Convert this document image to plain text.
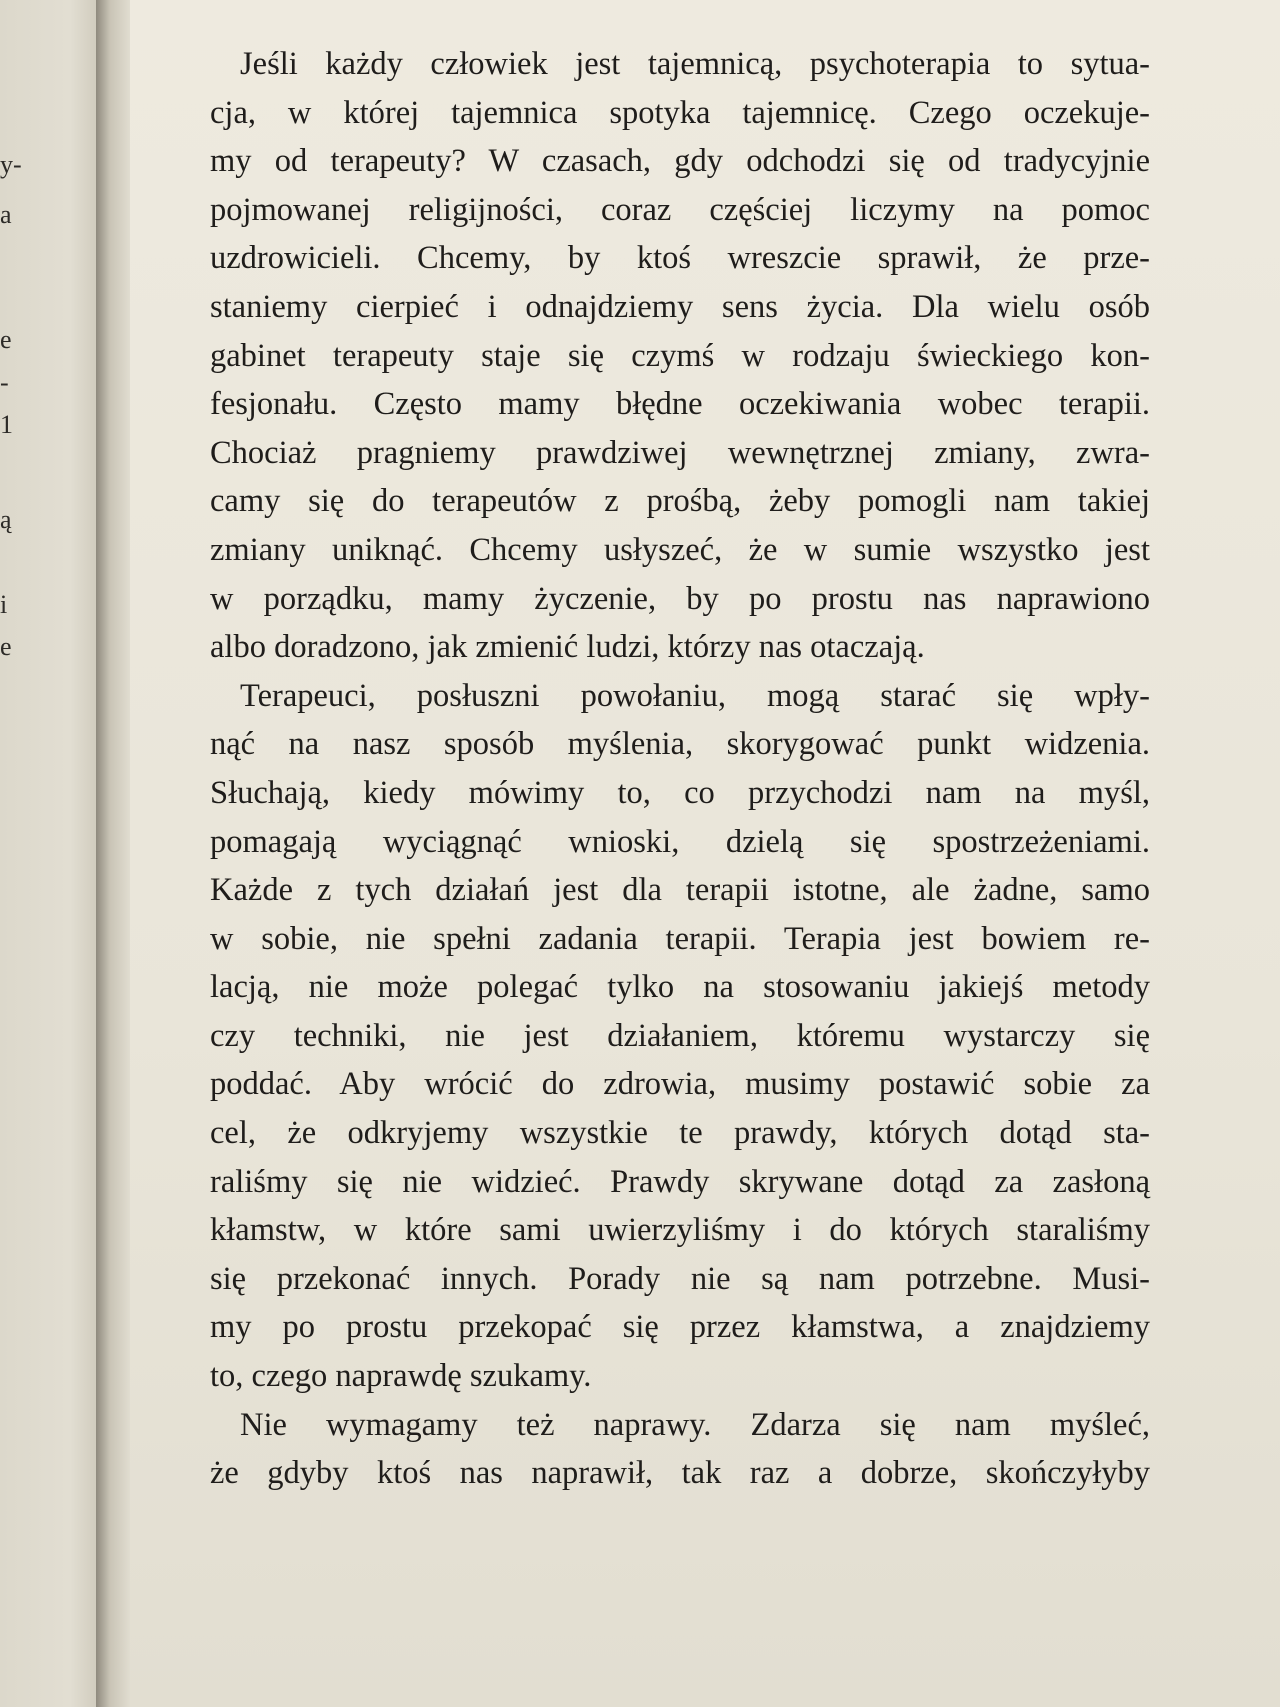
y-
a
e
-
1
ą
i
e
Jeśli każdy człowiek jest tajemnicą, psychoterapia to sytua-
cja, w której tajemnica spotyka tajemnicę. Czego oczekuje-
my od terapeuty? W czasach, gdy odchodzi się od tradycyjnie
pojmowanej religijności, coraz częściej liczymy na pomoc
uzdrowicieli. Chcemy, by ktoś wreszcie sprawił, że prze-
staniemy cierpieć i odnajdziemy sens życia. Dla wielu osób
gabinet terapeuty staje się czymś w rodzaju świeckiego kon-
fesjonału. Często mamy błędne oczekiwania wobec terapii.
Chociaż pragniemy prawdziwej wewnętrznej zmiany, zwra-
camy się do terapeutów z prośbą, żeby pomogli nam takiej
zmiany uniknąć. Chcemy usłyszeć, że w sumie wszystko jest
w porządku, mamy życzenie, by po prostu nas naprawiono
albo doradzono, jak zmienić ludzi, którzy nas otaczają.
Terapeuci, posłuszni powołaniu, mogą starać się wpły-
nąć na nasz sposób myślenia, skorygować punkt widzenia.
Słuchają, kiedy mówimy to, co przychodzi nam na myśl,
pomagają wyciągnąć wnioski, dzielą się spostrzeżeniami.
Każde z tych działań jest dla terapii istotne, ale żadne, samo
w sobie, nie spełni zadania terapii. Terapia jest bowiem re-
lacją, nie może polegać tylko na stosowaniu jakiejś metody
czy techniki, nie jest działaniem, któremu wystarczy się
poddać. Aby wrócić do zdrowia, musimy postawić sobie za
cel, że odkryjemy wszystkie te prawdy, których dotąd sta-
raliśmy się nie widzieć. Prawdy skrywane dotąd za zasłoną
kłamstw, w które sami uwierzyliśmy i do których staraliśmy
się przekonać innych. Porady nie są nam potrzebne. Musi-
my po prostu przekopać się przez kłamstwa, a znajdziemy
to, czego naprawdę szukamy.
Nie wymagamy też naprawy. Zdarza się nam myśleć,
że gdyby ktoś nas naprawił, tak raz a dobrze, skończyłyby
